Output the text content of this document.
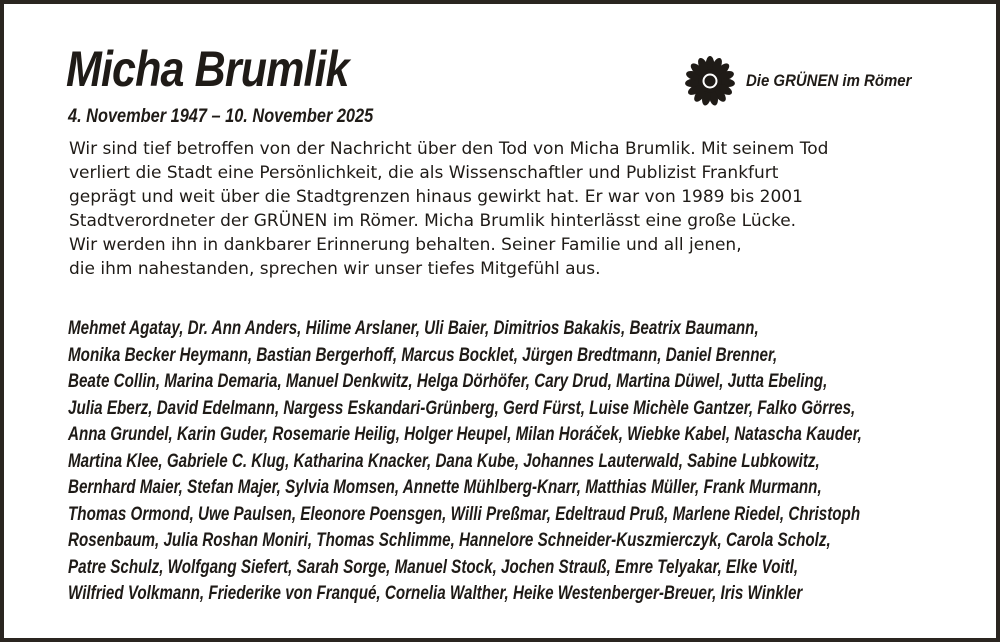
Micha Brumlik
4. November 1947 – 10. November 2025
Die GRÜNEN im Römer
Wir sind tief betroffen von der Nachricht über den Tod von Micha Brumlik. Mit seinem Tod
verliert die Stadt eine Persönlichkeit, die als Wissenschaftler und Publizist Frankfurt
geprägt und weit über die Stadtgrenzen hinaus gewirkt hat. Er war von 1989 bis 2001
Stadtverordneter der GRÜNEN im Römer. Micha Brumlik hinterlässt eine große Lücke.
Wir werden ihn in dankbarer Erinnerung behalten. Seiner Familie und all jenen,
die ihm nahestanden, sprechen wir unser tiefes Mitgefühl aus.
Mehmet Agatay, Dr. Ann Anders, Hilime Arslaner, Uli Baier, Dimitrios Bakakis, Beatrix Baumann,
Monika Becker Heymann, Bastian Bergerhoff, Marcus Bocklet, Jürgen Bredtmann, Daniel Brenner,
Beate Collin, Marina Demaria, Manuel Denkwitz, Helga Dörhöfer, Cary Drud, Martina Düwel, Jutta Ebeling,
Julia Eberz, David Edelmann, Nargess Eskandari-Grünberg, Gerd Fürst, Luise Michèle Gantzer, Falko Görres,
Anna Grundel, Karin Guder, Rosemarie Heilig, Holger Heupel, Milan Horáček, Wiebke Kabel, Natascha Kauder,
Martina Klee, Gabriele C. Klug, Katharina Knacker, Dana Kube, Johannes Lauterwald, Sabine Lubkowitz,
Bernhard Maier, Stefan Majer, Sylvia Momsen, Annette Mühlberg-Knarr, Matthias Müller, Frank Murmann,
Thomas Ormond, Uwe Paulsen, Eleonore Poensgen, Willi Preßmar, Edeltraud Pruß, Marlene Riedel, Christoph
Rosenbaum, Julia Roshan Moniri, Thomas Schlimme, Hannelore Schneider-Kuszmierczyk, Carola Scholz,
Patre Schulz, Wolfgang Siefert, Sarah Sorge, Manuel Stock, Jochen Strauß, Emre Telyakar, Elke Voitl,
Wilfried Volkmann, Friederike von Franqué, Cornelia Walther, Heike Westenberger-Breuer, Iris Winkler
